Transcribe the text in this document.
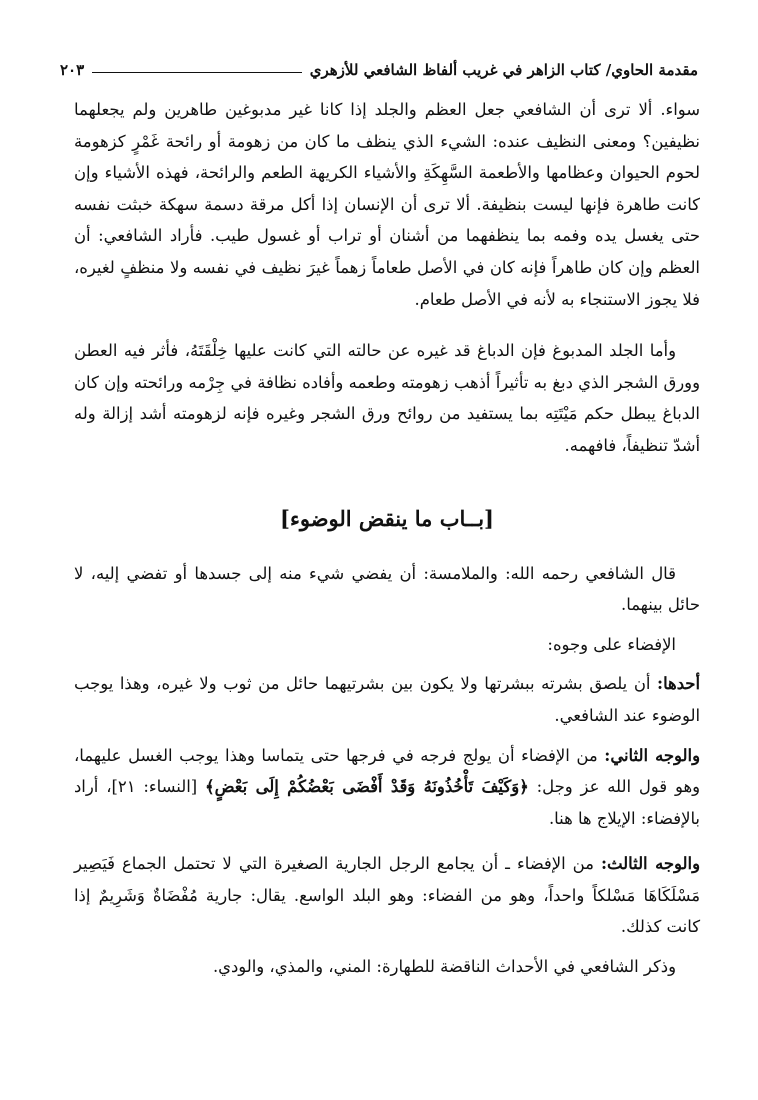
مقدمة الحاوي/ كتاب الزاهر في غريب ألفاظ الشافعي للأزهري
٢٠٣

سواء. ألا ترى أن الشافعي جعل العظم والجلد إذا كانا غير مدبوغين طاهرين ولم يجعلهما نظيفين؟ ومعنى النظيف عنده: الشيء الذي ينظف ما كان من زهومة أو رائحة غَمْرٍ كزهومة لحوم الحيوان وعظامها والأطعمة السَّهِكَةِ والأشياء الكريهة الطعم والرائحة، فهذه الأشياء وإن كانت طاهرة فإنها ليست بنظيفة. ألا ترى أن الإنسان إذا أكل مرقة دسمة سهكة خبثت نفسه حتى يغسل يده وفمه بما ينظفهما من أشنان أو تراب أو غسول طيب. فأراد الشافعي: أن العظم وإن كان طاهراً فإنه كان في الأصل طعاماً زهماً غيرَ نظيف في نفسه ولا منظفٍ لغيره، فلا يجوز الاستنجاء به لأنه في الأصل طعام.

وأما الجلد المدبوغ فإن الدباغ قد غيره عن حالته التي كانت عليها خِلْقَتَهُ، فأثر فيه العطن وورق الشجر الذي دبغ به تأثيراً أذهب زهومته وطعمه وأفاده نظافة في جِرْمه ورائحته وإن كان الدباغ يبطل حكم مَيْتَتِه بما يستفيد من روائح ورق الشجر وغيره فإنه لزهومته أشد إزالة وله أشدّ تنظيفاً، فافهمه.

[بــاب ما ينقض الوضوء]

قال الشافعي رحمه الله: والملامسة: أن يفضي شيء منه إلى جسدها أو تفضي إليه، لا حائل بينهما.

الإفضاء على وجوه:

أحدها: أن يلصق بشرته ببشرتها ولا يكون بين بشرتيهما حائل من ثوب ولا غيره، وهذا يوجب الوضوء عند الشافعي.

والوجه الثاني: من الإفضاء أن يولج فرجه في فرجها حتى يتماسا وهذا يوجب الغسل عليهما، وهو قول الله عز وجل: ﴿وَكَيْفَ تَأْخُذُونَهُ وَقَدْ أَفْضَى بَعْضُكُمْ إِلَى بَعْضٍ﴾ [النساء: ٢١]، أراد بالإفضاء: الإيلاج ها هنا.

والوجه الثالث: من الإفضاء ـ أن يجامع الرجل الجارية الصغيرة التي لا تحتمل الجماع فَيَصِير مَسْلَكَاهَا مَسْلكاً واحداً، وهو من الفضاء: وهو البلد الواسع. يقال: جارية مُفْضَاةٌ وَشَرِيمٌ إذا كانت كذلك.

وذكر الشافعي في الأحداث الناقضة للطهارة: المني، والمذي، والودي.
